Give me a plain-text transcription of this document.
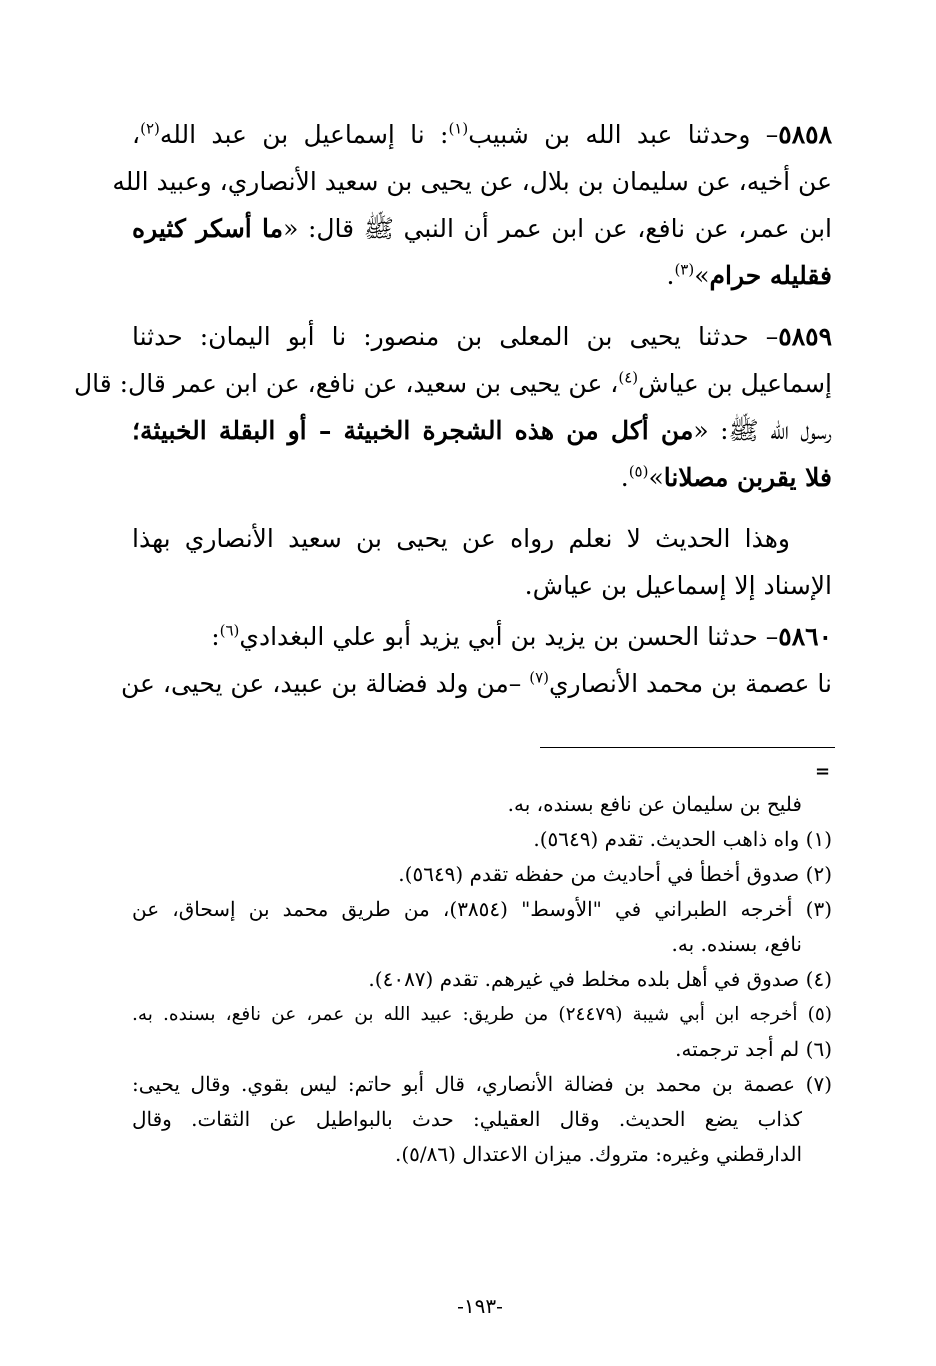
٥٨٥٨– وحدثنا عبد الله بن شبيب$^{(١)}$: نا إسماعيل بن عبد الله$^{(٢)}$،
عن أخيه، عن سليمان بن بلال، عن يحيى بن سعيد الأنصاري، وعبيد الله
ابن عمر، عن نافع، عن ابن عمر أن النبي ﷺ قال: «ما أسكر كثيره
فقليله حرام»$^{(٣)}$.
٥٨٥٩– حدثنا يحيى بن المعلى بن منصور: نا أبو اليمان: حدثنا
إسماعيل بن عياش$^{(٤)}$، عن يحيى بن سعيد، عن نافع، عن ابن عمر قال: قال
رسول الله ﷺ: «من أكل من هذه الشجرة الخبيثة – أو البقلة الخبيثة؛
فلا يقربن مصلانا»$^{(٥)}$.
وهذا الحديث لا نعلم رواه عن يحيى بن سعيد الأنصاري بهذا
الإسناد إلا إسماعيل بن عياش.
٥٨٦٠– حدثنا الحسن بن يزيد بن أبي يزيد أبو علي البغدادي$^{(٦)}$:
نا عصمة بن محمد الأنصاري$^{(٧)}$ –من ولد فضالة بن عبيد، عن يحيى، عن
=
فليح بن سليمان عن نافع بسنده، به.
(١) واه ذاهب الحديث. تقدم (٥٦٤٩).
(٢) صدوق أخطأ في أحاديث من حفظه تقدم (٥٦٤٩).
(٣) أخرجه الطبراني في "الأوسط" (٣٨٥٤)، من طريق محمد بن إسحاق، عن
نافع، بسنده. به.
(٤) صدوق في أهل بلده مخلط في غيرهم. تقدم (٤٠٨٧).
(٥) أخرجه ابن أبي شيبة (٢٤٤٧٩) من طريق: عبيد الله بن عمر، عن نافع، بسنده. به.
(٦) لم أجد ترجمته.
(٧) عصمة بن محمد بن فضالة الأنصاري، قال أبو حاتم: ليس بقوي. وقال يحيى:
كذاب يضع الحديث. وقال العقيلي: حدث بالبواطيل عن الثقات. وقال
الدارقطني وغيره: متروك. ميزان الاعتدال (٥/٨٦).
-١٩٣-
